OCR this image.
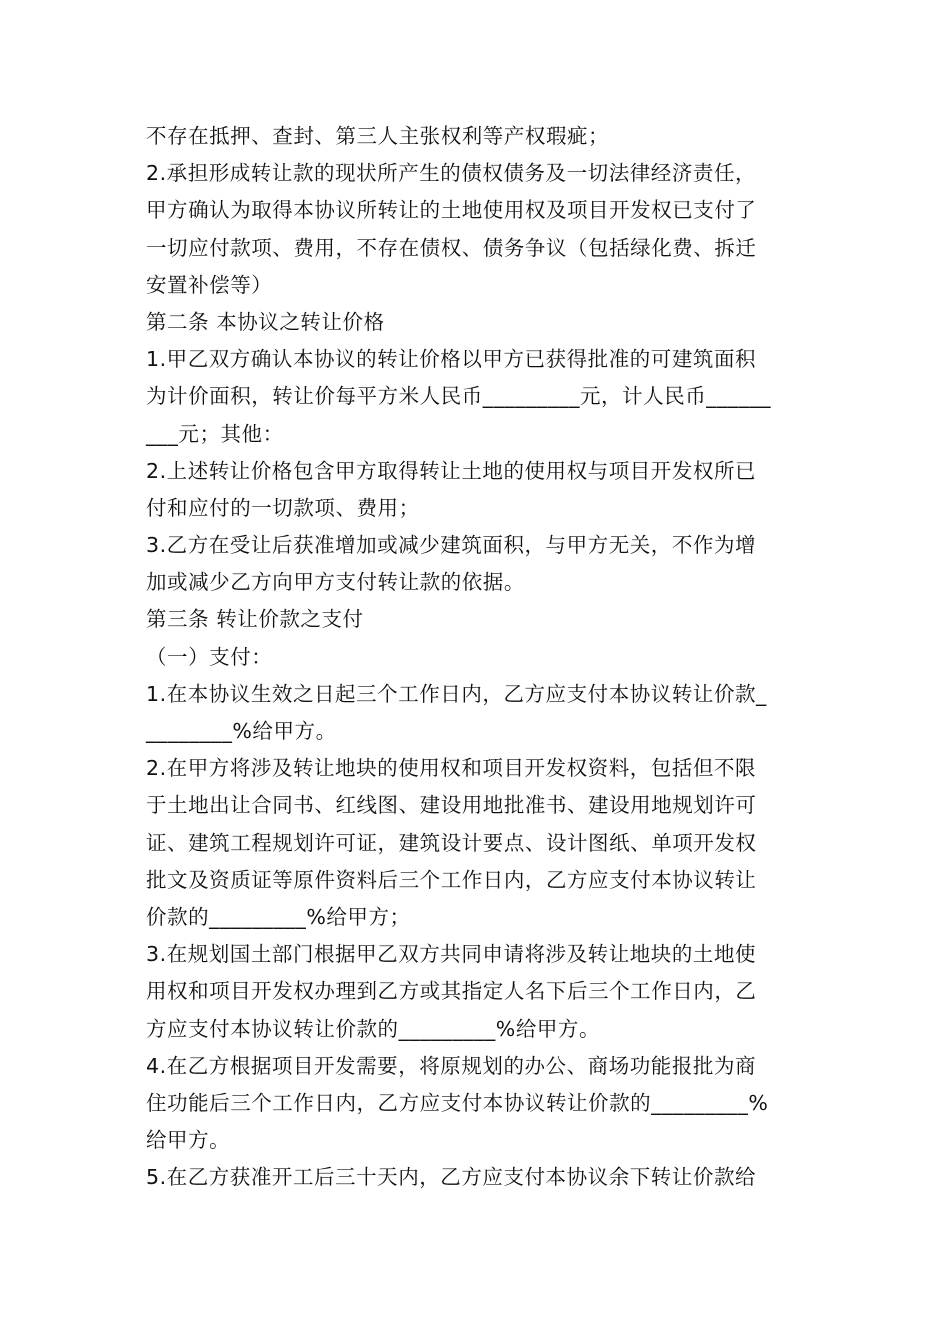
不存在抵押、查封、第三人主张权利等产权瑕疵；
2.承担形成转让款的现状所产生的债权债务及一切法律经济责任，
甲方确认为取得本协议所转让的土地使用权及项目开发权已支付了
一切应付款项、费用，不存在债权、债务争议（包括绿化费、拆迁
安置补偿等）
第二条 本协议之转让价格
1.甲乙双方确认本协议的转让价格以甲方已获得批准的可建筑面积
为计价面积，转让价每平方米人民币_________元，计人民币______
___元；其他：
2.上述转让价格包含甲方取得转让土地的使用权与项目开发权所已
付和应付的一切款项、费用；
3.乙方在受让后获准增加或减少建筑面积，与甲方无关，不作为增
加或减少乙方向甲方支付转让款的依据。
第三条 转让价款之支付
（一）支付：
1.在本协议生效之日起三个工作日内，乙方应支付本协议转让价款_
________%给甲方。
2.在甲方将涉及转让地块的使用权和项目开发权资料，包括但不限
于土地出让合同书、红线图、建设用地批准书、建设用地规划许可
证、建筑工程规划许可证，建筑设计要点、设计图纸、单项开发权
批文及资质证等原件资料后三个工作日内，乙方应支付本协议转让
价款的_________%给甲方；
3.在规划国土部门根据甲乙双方共同申请将涉及转让地块的土地使
用权和项目开发权办理到乙方或其指定人名下后三个工作日内，乙
方应支付本协议转让价款的_________%给甲方。
4.在乙方根据项目开发需要，将原规划的办公、商场功能报批为商
住功能后三个工作日内，乙方应支付本协议转让价款的_________%
给甲方。
5.在乙方获准开工后三十天内，乙方应支付本协议余下转让价款给
